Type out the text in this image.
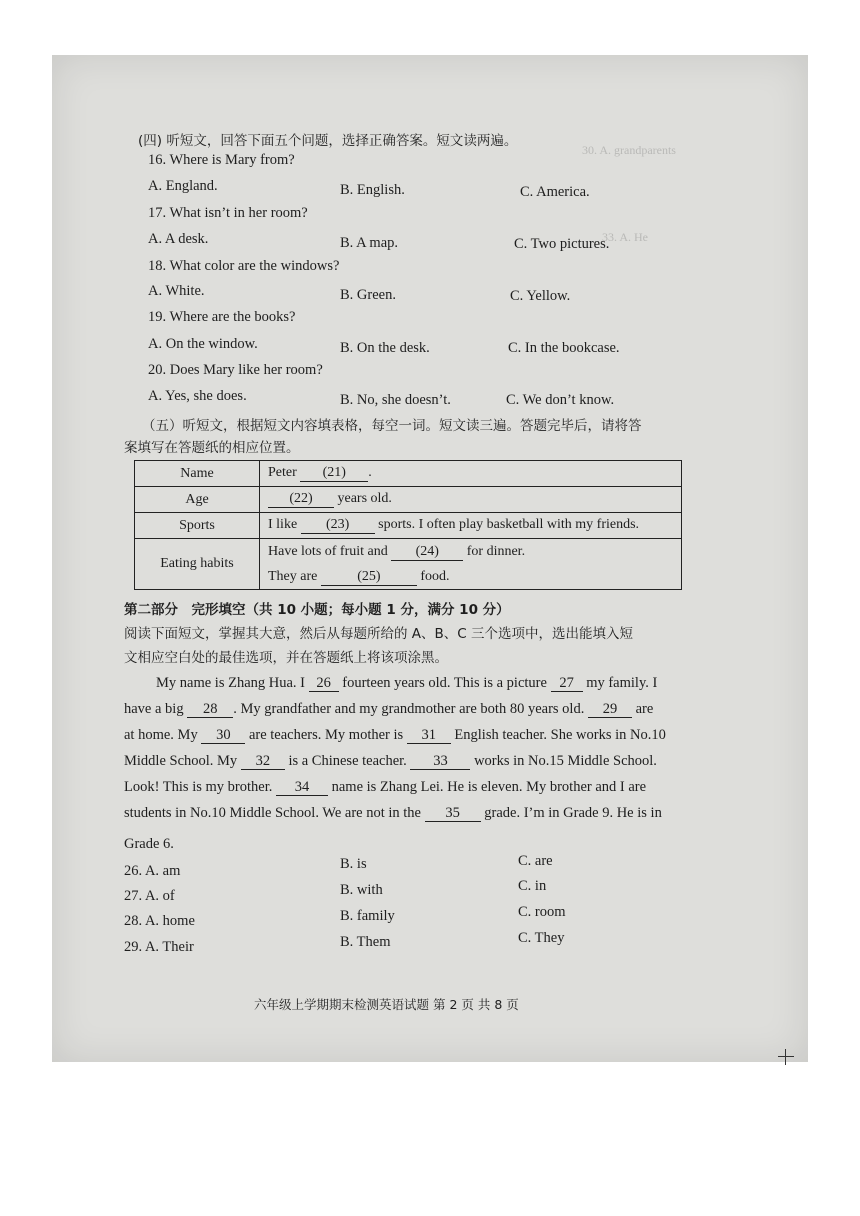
30. A. grandparents
33. A. He
(四) 听短文，回答下面五个问题，选择正确答案。短文读两遍。
16. Where is Mary from?
A. England.	B. English.	C. America.
17. What isn’t in her room?
A. A desk.	B. A map.	C. Two pictures.
18. What color are the windows?
A. White.	B. Green.	C. Yellow.
19. Where are the books?
A. On the window.	B. On the desk.	C. In the bookcase.
20. Does Mary like her room?
A. Yes, she does.	B. No, she doesn’t.	C. We don’t know.
（五）听短文，根据短文内容填表格，每空一词。短文读三遍。答题完毕后，请将答
案填写在答题纸的相应位置。
Name	Peter (21) .
Age	(22) years old.
Sports	I like (23) sports. I often play basketball with my friends.
Eating habits	Have lots of fruit and (24) for dinner.
They are (25) food.
第二部分　完形填空（共 10 小题；每小题 1 分，满分 10 分）
阅读下面短文，掌握其大意，然后从每题所给的 A、B、C 三个选项中，选出能填入短
文相应空白处的最佳选项，并在答题纸上将该项涂黑。
My name is Zhang Hua. I 26 fourteen years old. This is a picture 27 my family. I
have a big 28 . My grandfather and my grandmother are both 80 years old. 29 are
at home. My 30 are teachers. My mother is 31 English teacher. She works in No.10
Middle School. My 32 is a Chinese teacher. 33 works in No.15 Middle School.
Look! This is my brother. 34 name is Zhang Lei. He is eleven. My brother and I are
students in No.10 Middle School. We are not in the 35 grade. I’m in Grade 9. He is in
Grade 6.
26. A. am	B. is	C. are
27. A. of	B. with	C. in
28. A. home	B. family	C. room
29. A. Their	B. Them	C. They
六年级上学期期末检测英语试题 第 2 页 共 8 页
